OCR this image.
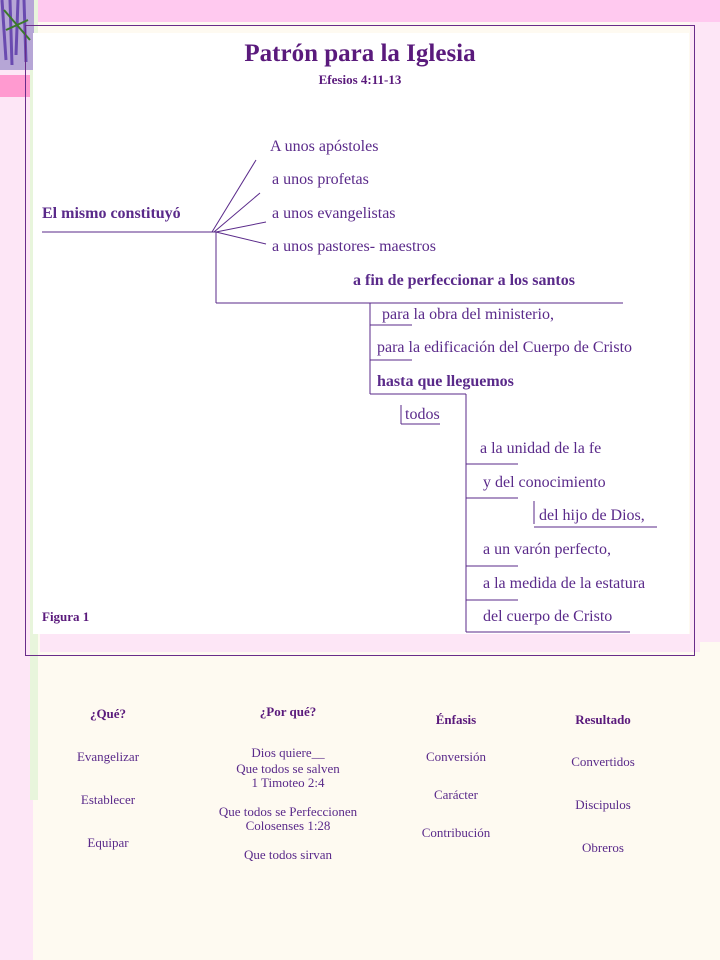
Patrón para la Iglesia
Efesios 4:11-13
El mismo constituyó
A unos apóstoles
a unos profetas
a unos evangelistas
a unos pastores- maestros
a fin de perfeccionar a los santos
para la obra del ministerio,
para la edificación del Cuerpo de Cristo
hasta que lleguemos
todos
a la unidad de la fe
y del conocimiento
del hijo de Dios,
a un varón perfecto,
a la medida de la estatura
del cuerpo de Cristo
Figura 1
¿Qué?
Evangelizar
Establecer
Equipar
¿Por qué?
Dios quiere__
Que todos se salven
1 Timoteo 2:4
Que todos se Perfeccionen
Colosenses 1:28
Que todos sirvan
Énfasis
Conversión
Carácter
Contribución
Resultado
Convertidos
Discipulos
Obreros
